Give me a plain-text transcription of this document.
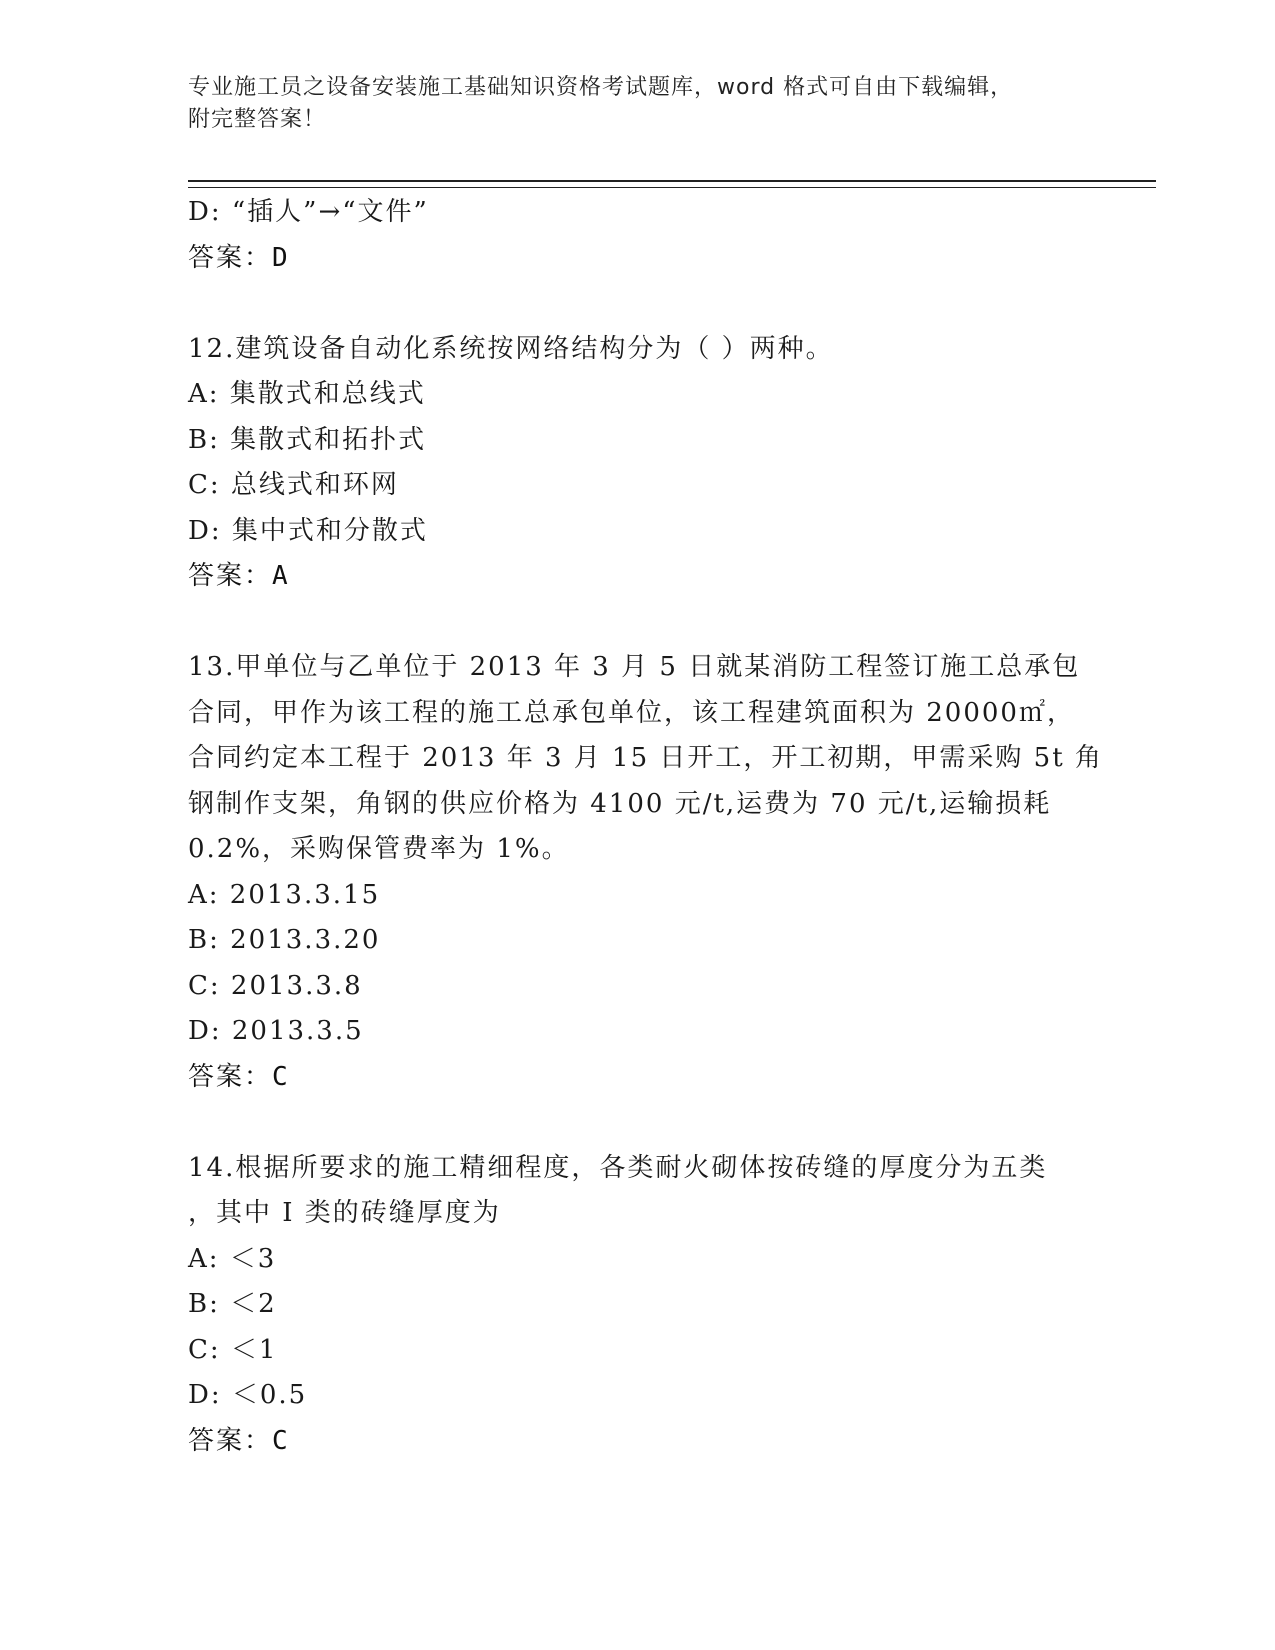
专业施工员之设备安装施工基础知识资格考试题库，word 格式可自由下载编辑，
附完整答案！
D: “插人”→“文件”
答案：D
12.建筑设备自动化系统按网络结构分为（ ）两种。
A: 集散式和总线式
B: 集散式和拓扑式
C: 总线式和环网
D: 集中式和分散式
答案：A
13.甲单位与乙单位于 2013 年 3 月 5 日就某消防工程签订施工总承包
合同，甲作为该工程的施工总承包单位，该工程建筑面积为 20000㎡，
合同约定本工程于 2013 年 3 月 15 日开工，开工初期，甲需采购 5t 角
钢制作支架，角钢的供应价格为 4100 元/t,运费为 70 元/t,运输损耗
0.2%，采购保管费率为 1%。
A: 2013.3.15
B: 2013.3.20
C: 2013.3.8
D: 2013.3.5
答案：C
14.根据所要求的施工精细程度，各类耐火砌体按砖缝的厚度分为五类
，其中 I 类的砖缝厚度为
A: ＜3
B: ＜2
C: ＜1
D: ＜0.5
答案：C
